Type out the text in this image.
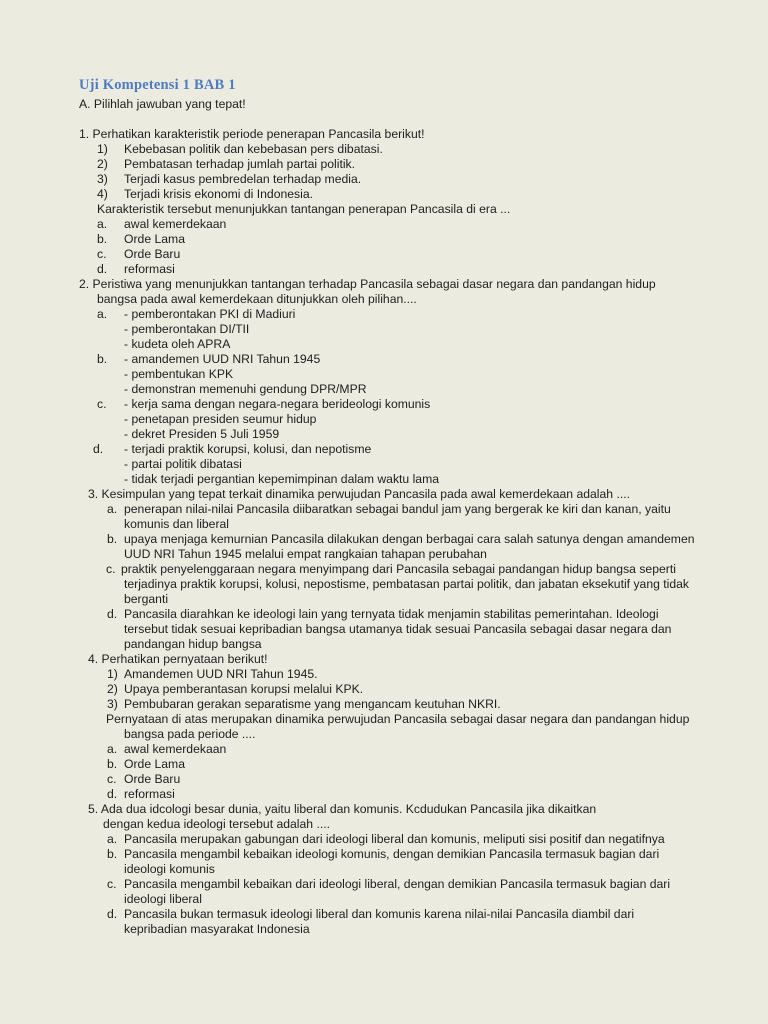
Uji Kompetensi 1 BAB 1
A. Pilihlah jawuban yang tepat!
1. Perhatikan karakteristik periode penerapan Pancasila berikut!
1) Kebebasan politik dan kebebasan pers dibatasi.
2) Pembatasan terhadap jumlah partai politik.
3) Terjadi kasus pembredelan terhadap media.
4) Terjadi krisis ekonomi di Indonesia.
Karakteristik tersebut menunjukkan tantangan penerapan Pancasila di era ...
a. awal kemerdekaan
b. Orde Lama
c. Orde Baru
d. reformasi
2. Peristiwa yang menunjukkan tantangan terhadap Pancasila sebagai dasar negara dan pandangan hidup
bangsa pada awal kemerdekaan ditunjukkan oleh pilihan....
a. - pemberontakan PKI di Madiuri
- pemberontakan DI/TII
- kudeta oleh APRA
b. - amandemen UUD NRI Tahun 1945
- pembentukan KPK
- demonstran memenuhi gendung DPR/MPR
c. - kerja sama dengan negara-negara berideologi komunis
- penetapan presiden seumur hidup
- dekret Presiden 5 Juli 1959
d. - terjadi praktik korupsi, kolusi, dan nepotisme
- partai politik dibatasi
- tidak terjadi pergantian kepemimpinan dalam waktu lama
3. Kesimpulan yang tepat terkait dinamika perwujudan Pancasila pada awal kemerdekaan adalah ....
a. penerapan nilai-nilai Pancasila diibaratkan sebagai bandul jam yang bergerak ke kiri dan kanan, yaitu
komunis dan liberal
b. upaya menjaga kemurnian Pancasila dilakukan dengan berbagai cara salah satunya dengan amandemen
UUD NRI Tahun 1945 melalui empat rangkaian tahapan perubahan
c. praktik penyelenggaraan negara menyimpang dari Pancasila sebagai pandangan hidup bangsa seperti
terjadinya praktik korupsi, kolusi, nepostisme, pembatasan partai politik, dan jabatan eksekutif yang tidak
berganti
d. Pancasila diarahkan ke ideologi lain yang ternyata tidak menjamin stabilitas pemerintahan. Ideologi
tersebut tidak sesuai kepribadian bangsa utamanya tidak sesuai Pancasila sebagai dasar negara dan
pandangan hidup bangsa
4. Perhatikan pernyataan berikut!
1) Amandemen UUD NRI Tahun 1945.
2) Upaya pemberantasan korupsi melalui KPK.
3) Pembubaran gerakan separatisme yang mengancam keutuhan NKRI.
Pernyataan di atas merupakan dinamika perwujudan Pancasila sebagai dasar negara dan pandangan hidup
bangsa pada periode ....
a. awal kemerdekaan
b. Orde Lama
c. Orde Baru
d. reformasi
5. Ada dua idcologi besar dunia, yaitu liberal dan komunis. Kcdudukan Pancasila jika dikaitkan
dengan kedua ideologi tersebut adalah ....
a. Pancasila merupakan gabungan dari ideologi liberal dan komunis, meliputi sisi positif dan negatifnya
b. Pancasila mengambil kebaikan ideologi komunis, dengan demikian Pancasila termasuk bagian dari
ideologi komunis
c. Pancasila mengambil kebaikan dari ideologi liberal, dengan demikian Pancasila termasuk bagian dari
ideologi liberal
d. Pancasila bukan termasuk ideologi liberal dan komunis karena nilai-nilai Pancasila diambil dari
kepribadian masyarakat Indonesia
